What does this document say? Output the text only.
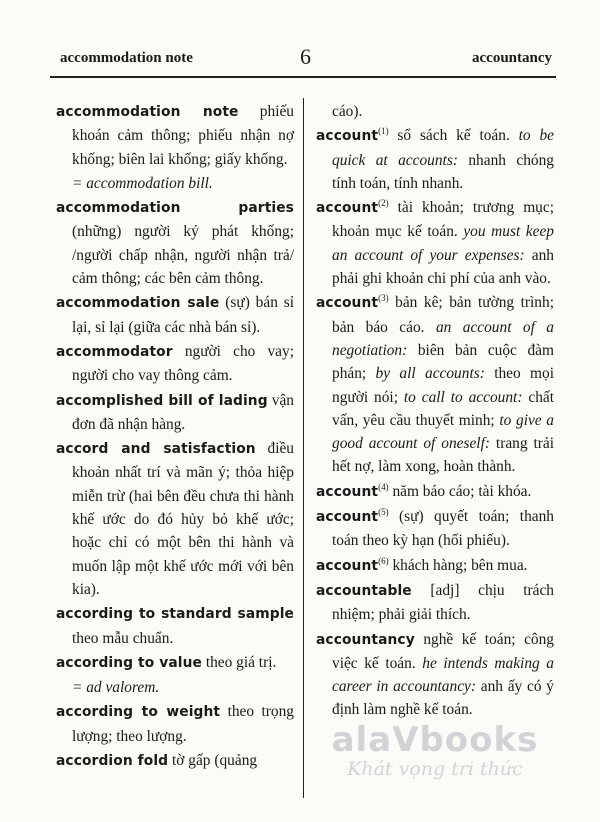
accommodation note	6	accountancy
accommodation note phiếu khoán cảm thông; phiếu nhận nợ khống; biên lai khống; giấy khống.
= accommodation bill.
accommodation parties (những) người ký phát khống; /người chấp nhận, người nhận trả/ cảm thông; các bên cảm thông.
accommodation sale (sự) bán sỉ lại, sỉ lại (giữa các nhà bán sỉ).
accommodator người cho vay; người cho vay thông cảm.
accomplished bill of lading vận đơn đã nhận hàng.
accord and satisfaction điều khoản nhất trí và mãn ý; thỏa hiệp miễn trừ (hai bên đều chưa thi hành khế ước do đó hủy bỏ khế ước; hoặc chỉ có một bên thi hành và muốn lập một khế ước mới với bên kia).
according to standard sample theo mẫu chuẩn.
according to value theo giá trị.
= ad valorem.
according to weight theo trọng lượng; theo lượng.
accordion fold tờ gấp (quảng
cáo).
account$^{(1)}$ sổ sách kế toán. to be quick at accounts: nhanh chóng tính toán, tính nhanh.
account$^{(2)}$ tài khoản; trương mục; khoản mục kế toán. you must keep an account of your expenses: anh phải ghi khoản chi phí của anh vào.
account$^{(3)}$ bản kê; bản tường trình; bản báo cáo. an account of a negotiation: biên bản cuộc đàm phán; by all accounts: theo mọi người nói; to call to account: chất vấn, yêu cầu thuyết minh; to give a good account of oneself: trang trải hết nợ, làm xong, hoàn thành.
account$^{(4)}$ năm báo cáo; tài khóa.
account$^{(5)}$ (sự) quyết toán; thanh toán theo kỳ hạn (hối phiếu).
account$^{(6)}$ khách hàng; bên mua.
accountable [adj] chịu trách nhiệm; phải giải thích.
accountancy nghề kế toán; công việc kế toán. he intends making a career in accountancy: anh ấy có ý định làm nghề kế toán.
alaVbooks
Khát vọng tri thức
